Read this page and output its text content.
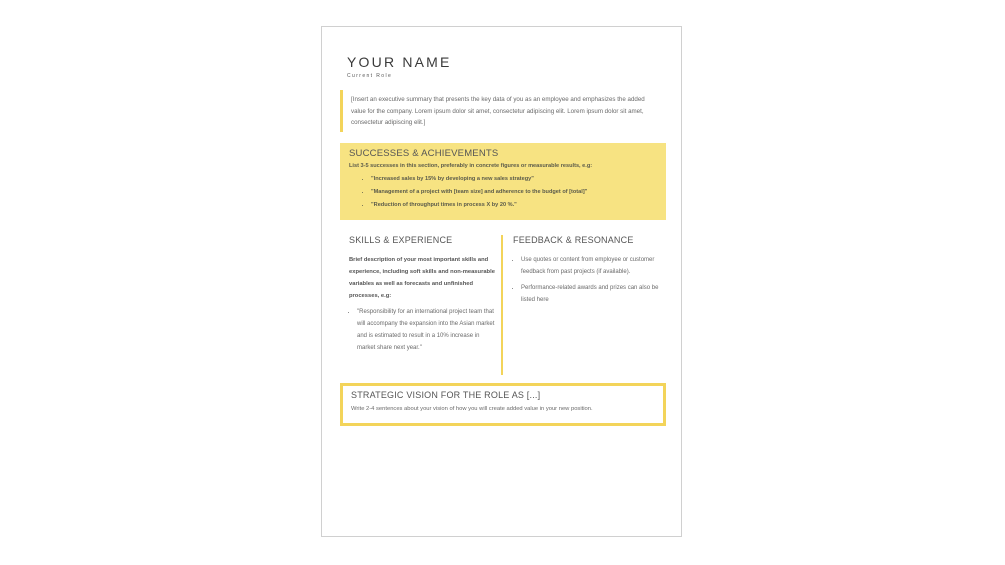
YOUR NAME
Current Role
[Insert an executive summary that presents the key data of you as an employee and emphasizes the added value for the company. Lorem ipsum dolor sit amet, consectetur adipiscing elit. Lorem ipsum dolor sit amet, consectetur adipiscing elit.]
SUCCESSES & ACHIEVEMENTS
List 3-5 successes in this section, preferably in concrete figures or measurable results, e.g:
• "Increased sales by 15% by developing a new sales strategy"
• "Management of a project with [team size] and adherence to the budget of [total]"
• "Reduction of throughput times in process X by 20 %."
SKILLS & EXPERIENCE
Brief description of your most important skills and experience, including soft skills and non-measurable variables as well as forecasts and unfinished processes, e.g:
• "Responsibility for an international project team that will accompany the expansion into the Asian market and is estimated to result in a 10% increase in market share next year."
FEEDBACK & RESONANCE
• Use quotes or content from employee or customer feedback from past projects (if available).
• Performance-related awards and prizes can also be listed here
STRATEGIC VISION FOR THE ROLE AS [...]
Write 2-4 sentences about your vision of how you will create added value in your new position.
